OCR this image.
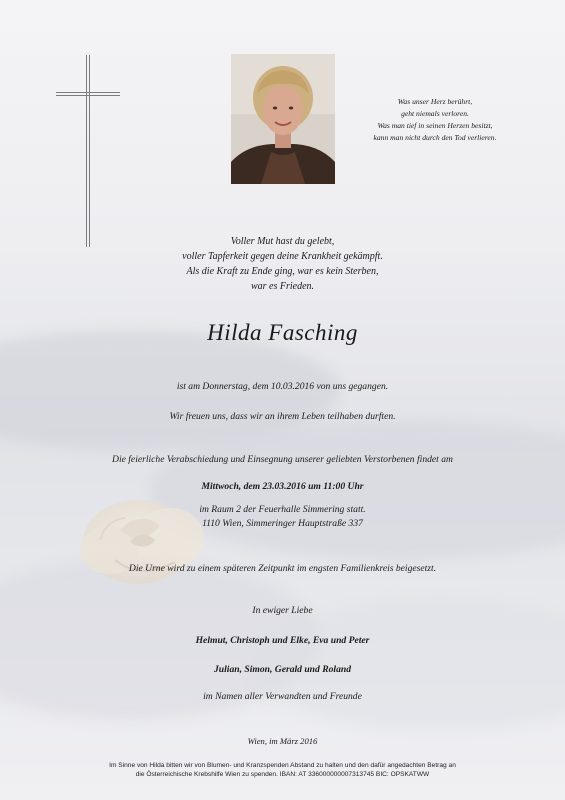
Was unser Herz berührt,
geht niemals verloren.
Was man tief in seinen Herzen besitzt,
kann man nicht durch den Tod verlieren.
Voller Mut hast du gelebt,
voller Tapferkeit gegen deine Krankheit gekämpft.
Als die Kraft zu Ende ging, war es kein Sterben,
war es Frieden.
Hilda Fasching

ist am Donnerstag, dem 10.03.2016 von uns gegangen.

Wir freuen uns, dass wir an ihrem Leben teilhaben durften.

Die feierliche Verabschiedung und Einsegnung unserer geliebten Verstorbenen findet am

Mittwoch, dem 23.03.2016 um 11:00 Uhr

im Raum 2 der Feuerhalle Simmering statt.

1110 Wien, Simmeringer Hauptstraße 337

Die Urne wird zu einem späteren Zeitpunkt im engsten Familienkreis beigesetzt.

In ewiger Liebe

Helmut, Christoph und Elke, Eva und Peter

Julian, Simon, Gerald und Roland

im Namen aller Verwandten und Freunde

Wien, im März 2016

Im Sinne von Hilda bitten wir von Blumen- und Kranzspenden Abstand zu halten und den dafür angedachten Betrag an
die Österreichische Krebshilfe Wien zu spenden. IBAN: AT 336000000007313745 BIC: OPSKATWW
